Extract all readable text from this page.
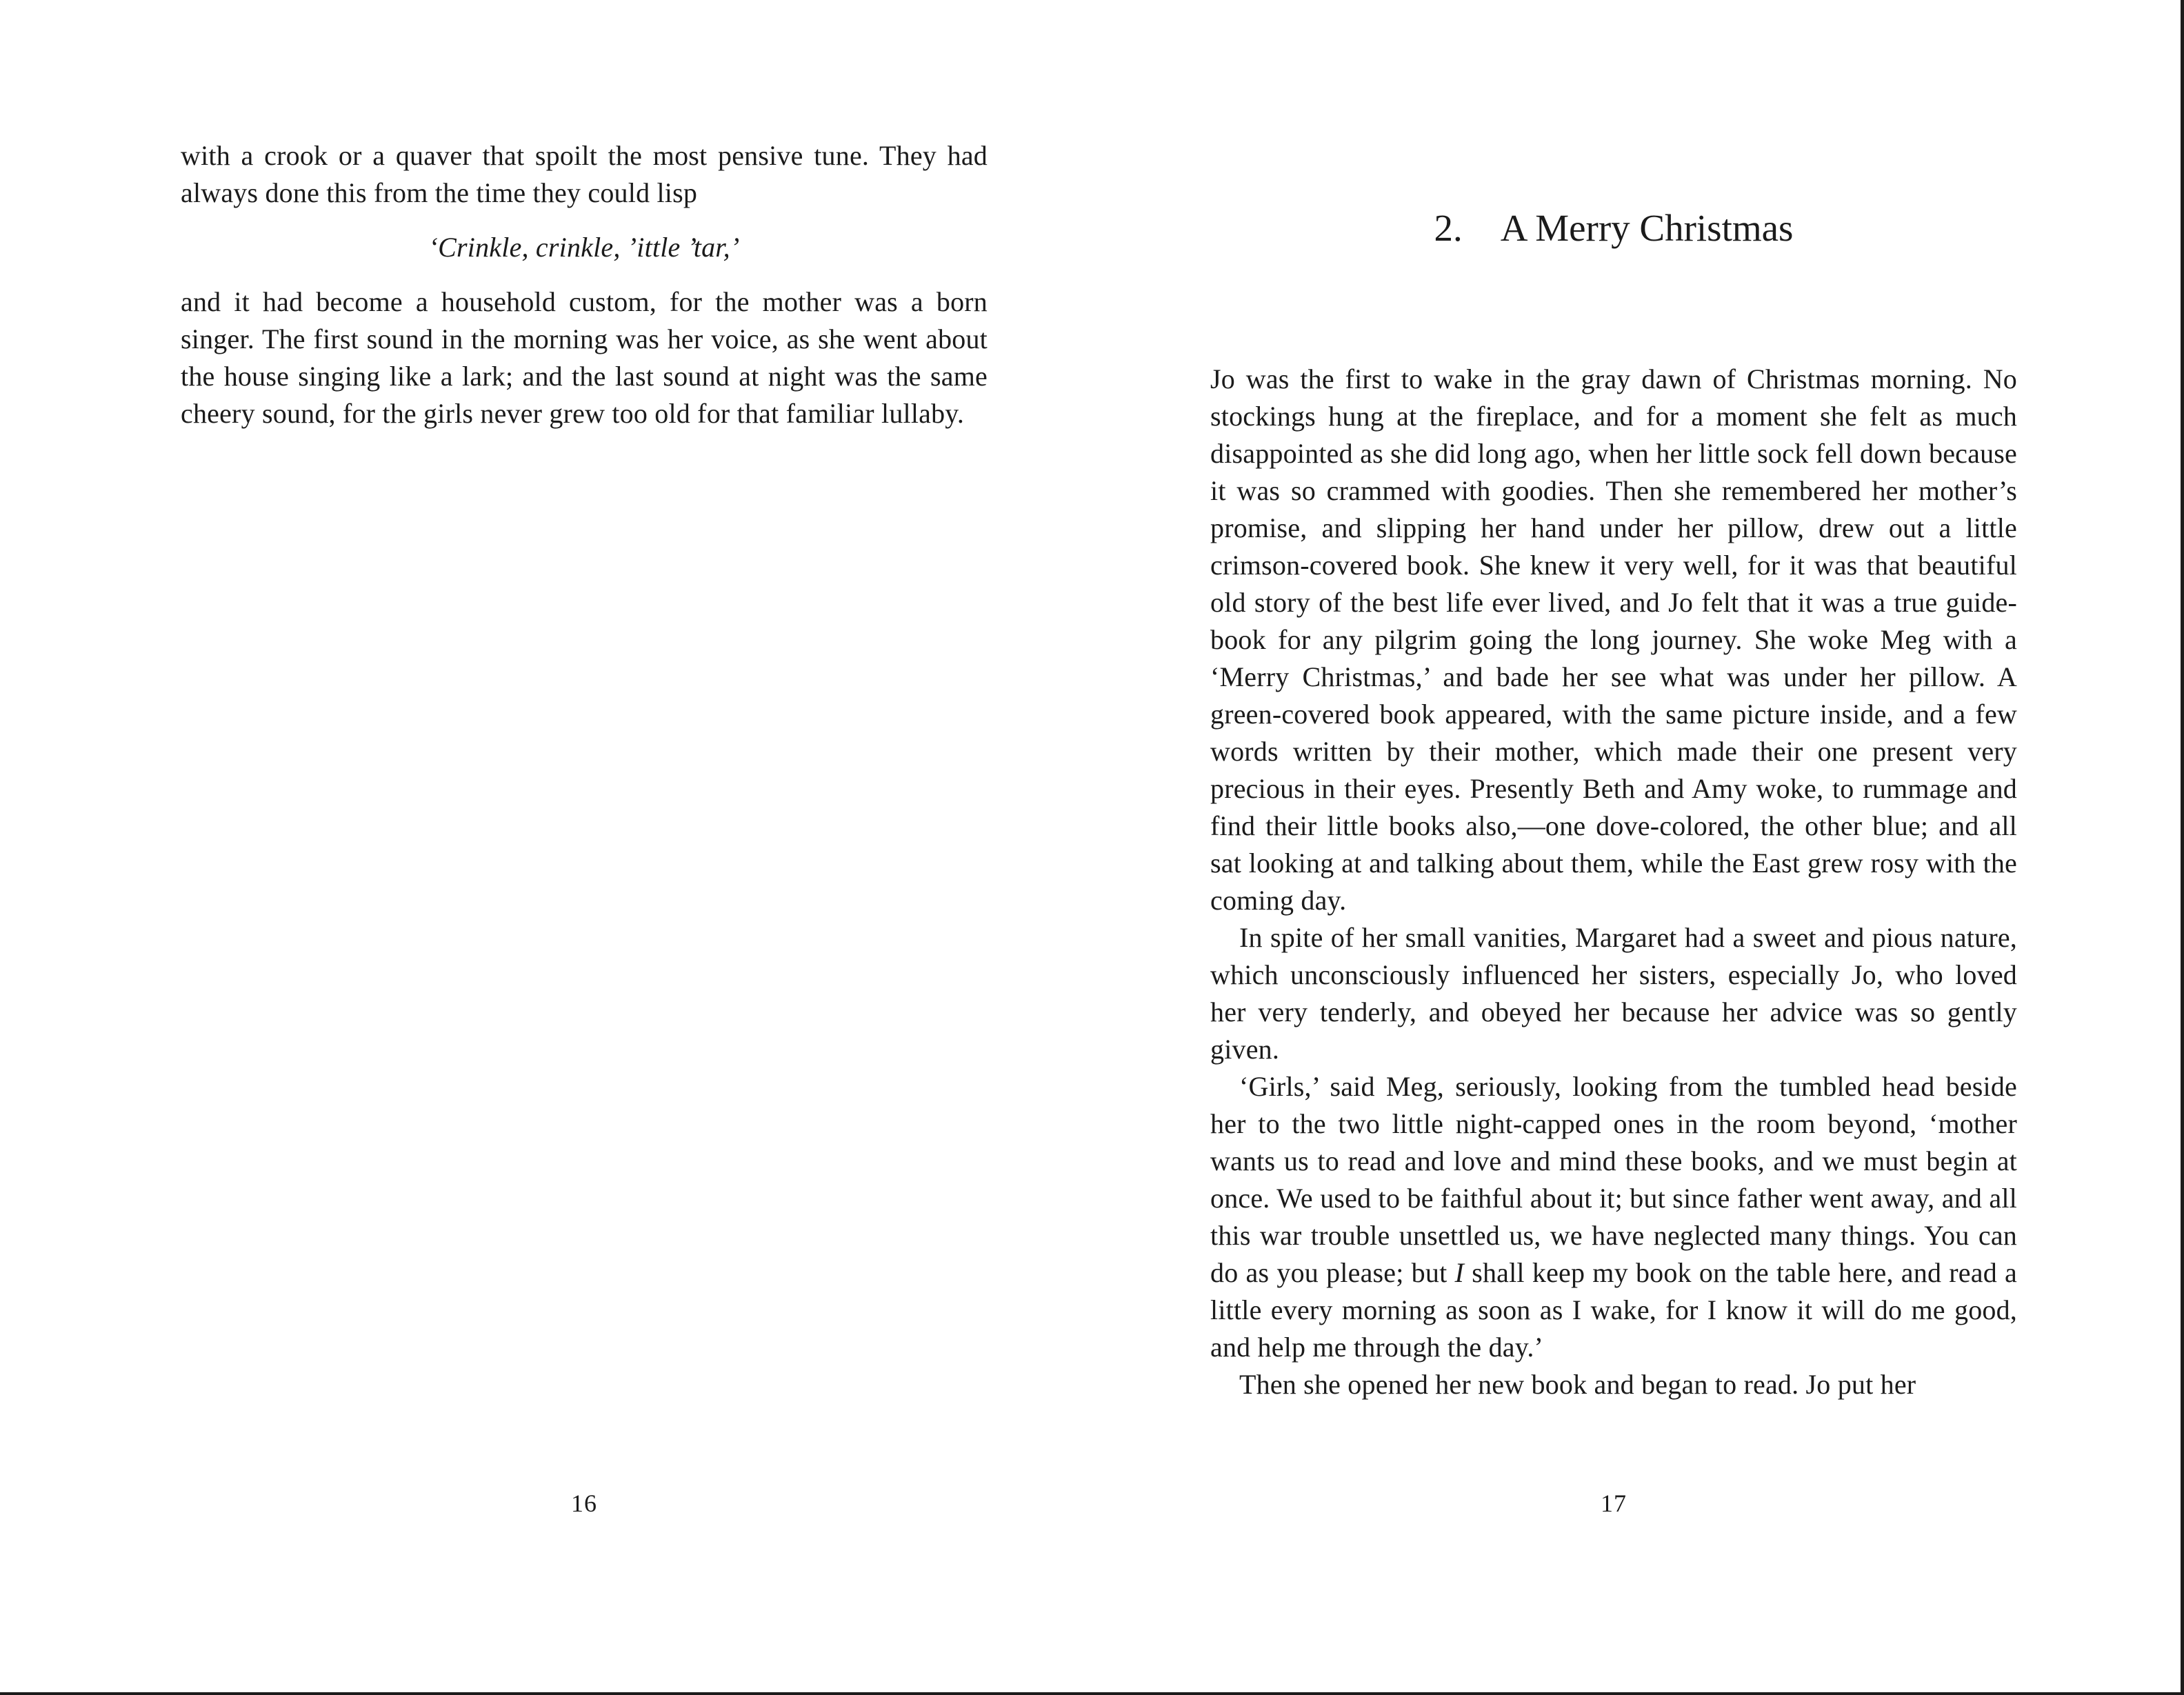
with a crook or a quaver that spoilt the most pensive tune. They had always done this from the time they could lisp

‘Crinkle, crinkle, ’ittle ’tar,’

and it had become a household custom, for the mother was a born singer. The first sound in the morning was her voice, as she went about the house singing like a lark; and the last sound at night was the same cheery sound, for the girls never grew too old for that familiar lullaby.

16
2. A Merry Christmas

Jo was the first to wake in the gray dawn of Christmas morning. No stockings hung at the fireplace, and for a moment she felt as much disappointed as she did long ago, when her little sock fell down because it was so crammed with goodies. Then she remembered her mother’s promise, and slipping her hand under her pillow, drew out a little crimson-covered book. She knew it very well, for it was that beautiful old story of the best life ever lived, and Jo felt that it was a true guide-book for any pilgrim going the long journey. She woke Meg with a ‘Merry Christmas,’ and bade her see what was under her pillow. A green-covered book appeared, with the same picture inside, and a few words written by their mother, which made their one present very precious in their eyes. Presently Beth and Amy woke, to rummage and find their little books also,—one dove-colored, the other blue; and all sat looking at and talking about them, while the East grew rosy with the coming day.

In spite of her small vanities, Margaret had a sweet and pious nature, which unconsciously influenced her sisters, especially Jo, who loved her very tenderly, and obeyed her because her advice was so gently given.

‘Girls,’ said Meg, seriously, looking from the tumbled head beside her to the two little night-capped ones in the room beyond, ‘mother wants us to read and love and mind these books, and we must begin at once. We used to be faithful about it; but since father went away, and all this war trouble unsettled us, we have neglected many things. You can do as you please; but I shall keep my book on the table here, and read a little every morning as soon as I wake, for I know it will do me good, and help me through the day.’

Then she opened her new book and began to read. Jo put her

17
